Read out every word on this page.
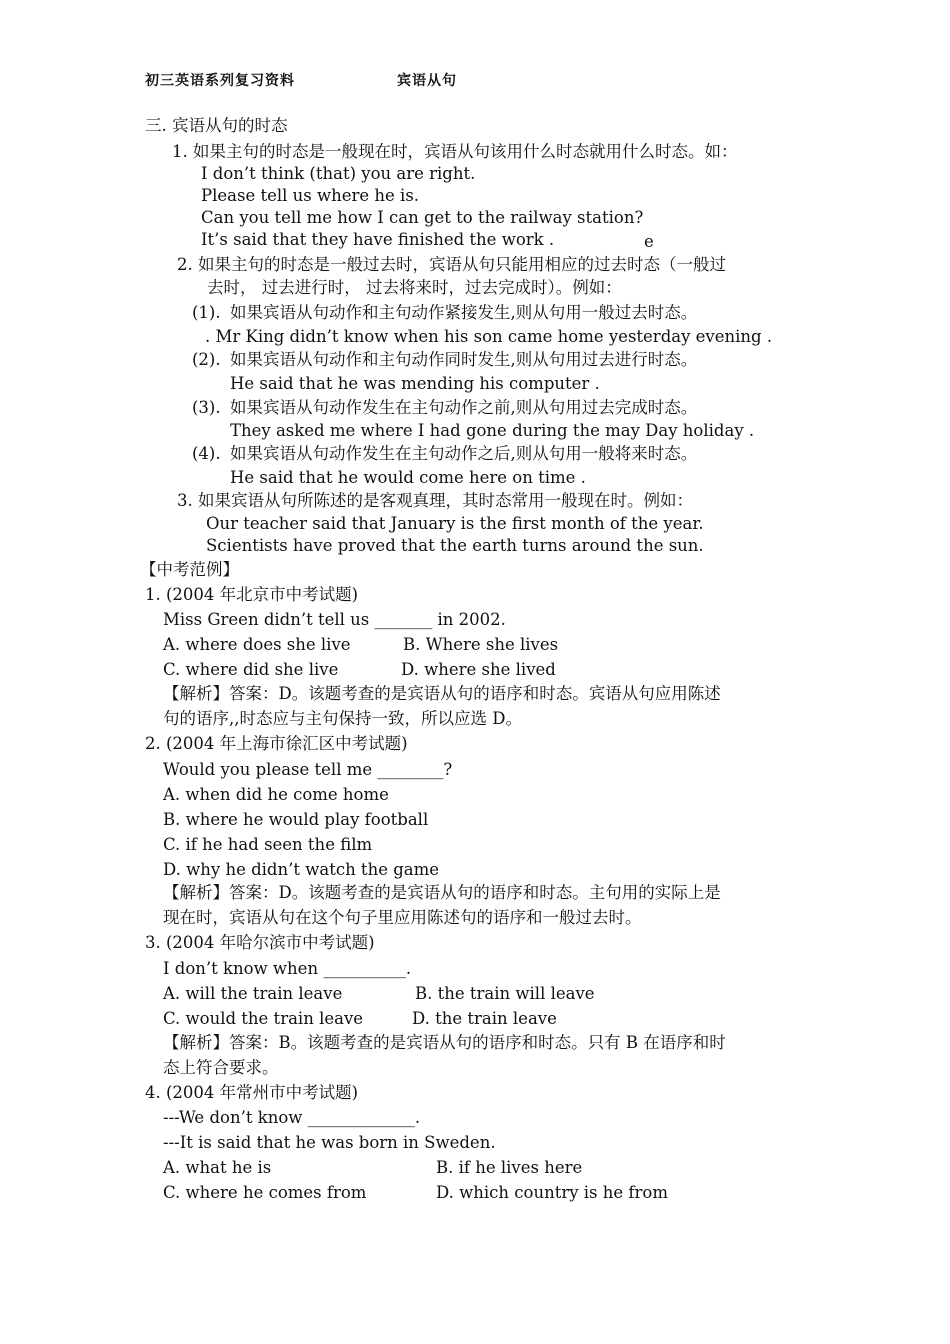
初三英语系列复习资料	宾语从句
三. 宾语从句的时态
1. 如果主句的时态是一般现在时，宾语从句该用什么时态就用什么时态。如：
I don’t think (that) you are right.
Please tell us where he is.
Can you tell me how I can get to the railway station?
It’s said that they have finished the work .	e
2. 如果主句的时态是一般过去时，宾语从句只能用相应的过去时态（一般过
去时， 过去进行时， 过去将来时，过去完成时）。例如：
(1). 如果宾语从句动作和主句动作紧接发生,则从句用一般过去时态。
. Mr King didn’t know when his son came home yesterday evening .
(2). 如果宾语从句动作和主句动作同时发生,则从句用过去进行时态。
He said that he was mending his computer .
(3). 如果宾语从句动作发生在主句动作之前,则从句用过去完成时态。
They asked me where I had gone during the may Day holiday .
(4). 如果宾语从句动作发生在主句动作之后,则从句用一般将来时态。
He said that he would come here on time .
3. 如果宾语从句所陈述的是客观真理，其时态常用一般现在时。例如：
Our teacher said that January is the first month of the year.
Scientists have proved that the earth turns around the sun.
【中考范例】
1. (2004 年北京市中考试题)
Miss Green didn’t tell us _______ in 2002.
A. where does she live	B. Where she lives
C. where did she live	D. where she lived
【解析】答案：D。该题考查的是宾语从句的语序和时态。宾语从句应用陈述
句的语序,,时态应与主句保持一致，所以应选 D。
2. (2004 年上海市徐汇区中考试题)
Would you please tell me ________?
A. when did he come home
B. where he would play football
C. if he had seen the film
D. why he didn’t watch the game
【解析】答案：D。该题考查的是宾语从句的语序和时态。主句用的实际上是
现在时，宾语从句在这个句子里应用陈述句的语序和一般过去时。
3. (2004 年哈尔滨市中考试题)
I don’t know when __________.
A. will the train leave	B. the train will leave
C. would the train leave	D. the train leave
【解析】答案：B。该题考查的是宾语从句的语序和时态。只有 B 在语序和时
态上符合要求。
4. (2004 年常州市中考试题)
---We don’t know _____________.
---It is said that he was born in Sweden.
A. what he is	B. if he lives here
C. where he comes from	D. which country is he from
